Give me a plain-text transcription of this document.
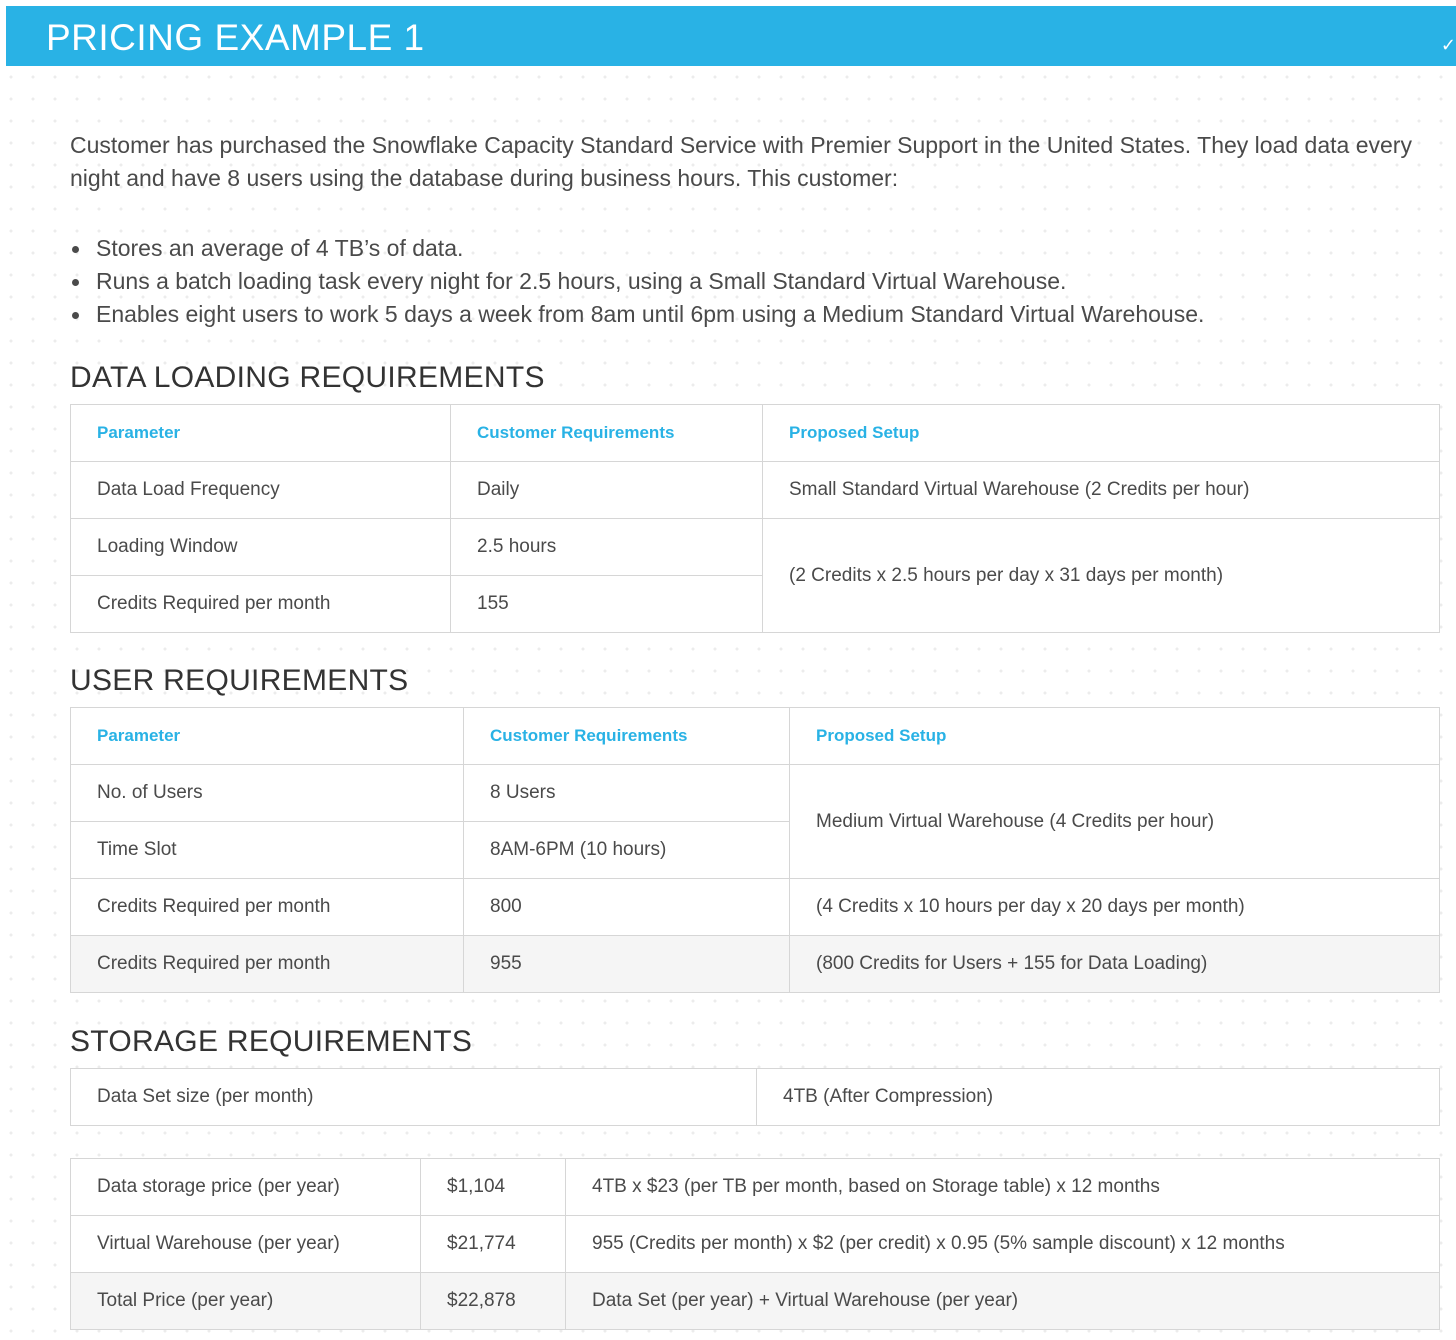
PRICING EXAMPLE 1	✓

Customer has purchased the Snowflake Capacity Standard Service with Premier Support in the United States. They load data every night and have 8 users using the database during business hours. This customer:

Stores an average of 4 TB’s of data.
Runs a batch loading task every night for 2.5 hours, using a Small Standard Virtual Warehouse.
Enables eight users to work 5 days a week from 8am until 6pm using a Medium Standard Virtual Warehouse.
DATA LOADING REQUIREMENTS
Parameter	Customer Requirements	Proposed Setup
Data Load Frequency	Daily	Small Standard Virtual Warehouse (2 Credits per hour)
Loading Window	2.5 hours	(2 Credits x 2.5 hours per day x 31 days per month)
Credits Required per month	155	
USER REQUIREMENTS
Parameter	Customer Requirements	Proposed Setup
No. of Users	8 Users	Medium Virtual Warehouse (4 Credits per hour)
Time Slot	8AM-6PM (10 hours)	
Credits Required per month	800	(4 Credits x 10 hours per day x 20 days per month)
Credits Required per month	955	(800 Credits for Users + 155 for Data Loading)
STORAGE REQUIREMENTS
Data Set size (per month)	4TB (After Compression)
Data storage price (per year)	$1,104	4TB x $23 (per TB per month, based on Storage table) x 12 months
Virtual Warehouse (per year)	$21,774	955 (Credits per month) x $2 (per credit) x 0.95 (5% sample discount) x 12 months
Total Price (per year)	$22,878	Data Set (per year) + Virtual Warehouse (per year)
